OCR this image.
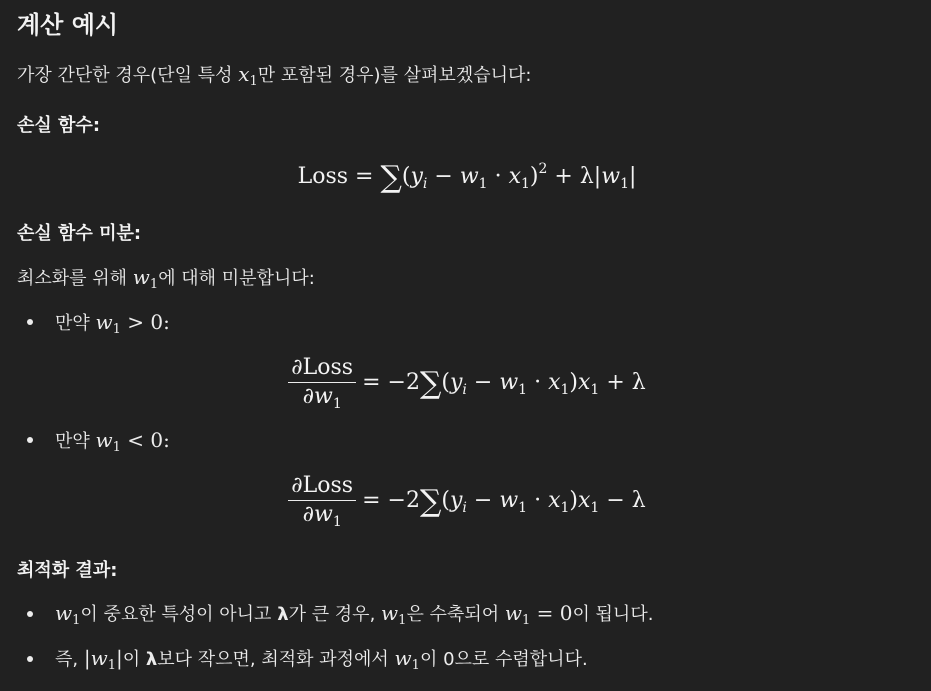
계산 예시
가장 간단한 경우(단일 특성 $x_1$만 포함된 경우)를 살펴보겠습니다:
손실 함수:
Loss = $\sum(y_i - w_1 \cdot x_1)^2 + \lambda|w_1|$
손실 함수 미분:
최소화를 위해 $w_1$에 대해 미분합니다:
만약 $w_1 > 0$:
$\frac{\text{∂Loss}}{\partial w_1} = -2\sum(y_i - w_1 \cdot x_1)x_1 + \lambda$
만약 $w_1 < 0$:
$\frac{\text{∂Loss}}{\partial w_1} = -2\sum(y_i - w_1 \cdot x_1)x_1 - \lambda$
최적화 결과:
$w_1$이 중요한 특성이 아니고 λ가 큰 경우, $w_1$은 수축되어 $w_1 = 0$이 됩니다.
즉, $|w_1|$이 λ보다 작으면, 최적화 과정에서 $w_1$이 0으로 수렴합니다.
